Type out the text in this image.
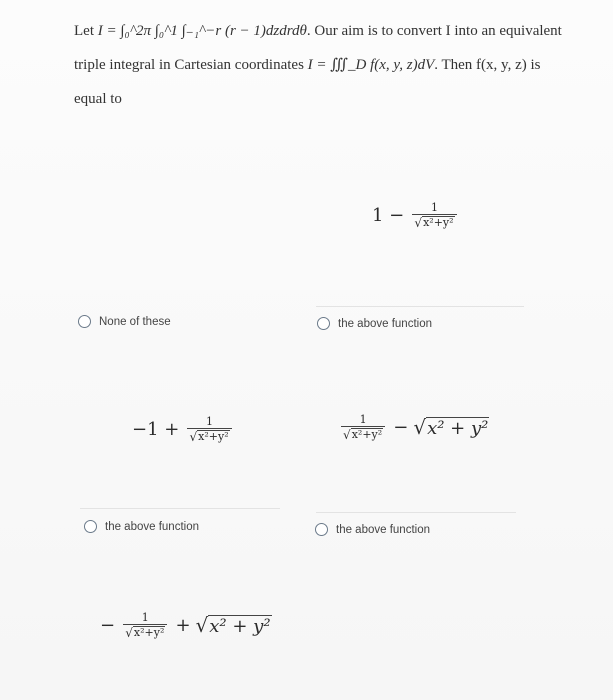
Let I = ∫₀^2π ∫₀^1 ∫₋₁^−r (r − 1)dzdrdθ. Our aim is to convert I into an equivalent
triple integral in Cartesian coordinates I = ∭_D f(x, y, z)dV. Then f(x, y, z) is
equal to
$1 - \frac{1}{\text{√ x²+y²}}$
None of these	the above function
$-1 + \frac{1}{\text{√ x²+y²}}$	$\frac{1}{\text{√ x²+y²}}$ − √ x² + y²
the above function	the above function
− $\frac{1}{\text{√ x²+y²}}$ + √ x² + y²
